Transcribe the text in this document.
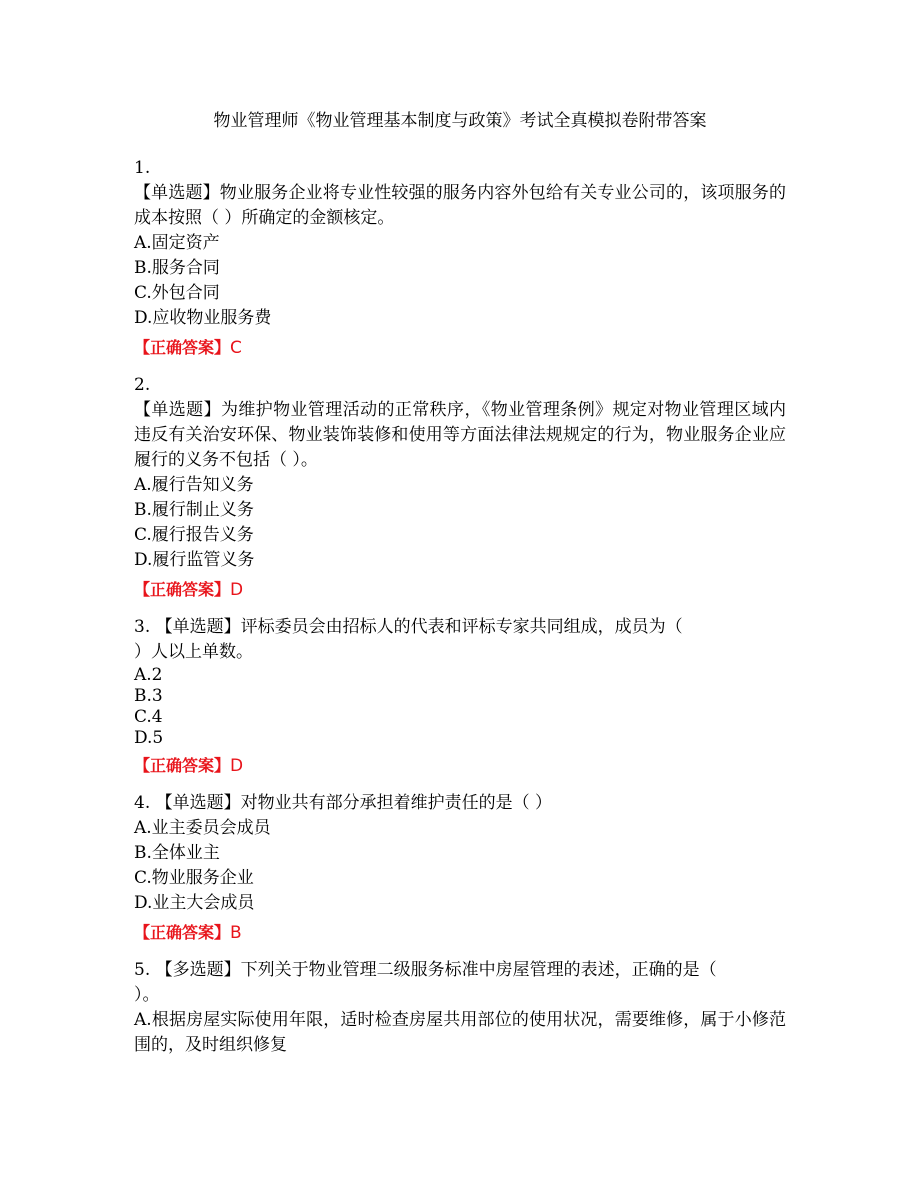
物业管理师《物业管理基本制度与政策》考试全真模拟卷附带答案

1.

【单选题】物业服务企业将专业性较强的服务内容外包给有关专业公司的，该项服务的成本按照（ ）所确定的金额核定。

A.固定资产

B.服务合同

C.外包合同

D.应收物业服务费

【正确答案】C

2.

【单选题】为维护物业管理活动的正常秩序，《物业管理条例》规定对物业管理区域内违反有关治安环保、物业装饰装修和使用等方面法律法规规定的行为，物业服务企业应履行的义务不包括（ ）。

A.履行告知义务

B.履行制止义务

C.履行报告义务

D.履行监管义务

【正确答案】D

3. 【单选题】评标委员会由招标人的代表和评标专家共同组成，成员为（

）人以上单数。

A.2

B.3

C.4

D.5

【正确答案】D

4. 【单选题】对物业共有部分承担着维护责任的是（ ）

A.业主委员会成员

B.全体业主

C.物业服务企业

D.业主大会成员

【正确答案】B

5. 【多选题】下列关于物业管理二级服务标准中房屋管理的表述，正确的是（

）。

A.根据房屋实际使用年限，适时检查房屋共用部位的使用状况，需要维修，属于小修范围的，及时组织修复
